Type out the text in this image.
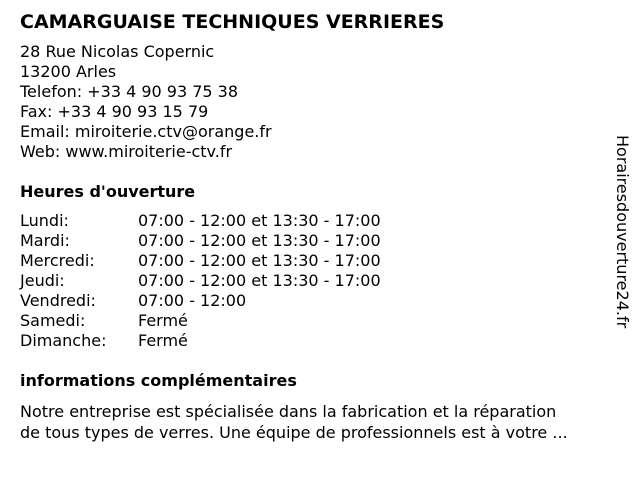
CAMARGUAISE TECHNIQUES VERRIERES
28 Rue Nicolas Copernic
13200 Arles
Telefon: +33 4 90 93 75 38
Fax: +33 4 90 93 15 79
Email: miroiterie.ctv@orange.fr
Web: www.miroiterie-ctv.fr
Heures d'ouverture
Lundi:	07:00 - 12:00 et 13:30 - 17:00
Mardi:	07:00 - 12:00 et 13:30 - 17:00
Mercredi:	07:00 - 12:00 et 13:30 - 17:00
Jeudi:	07:00 - 12:00 et 13:30 - 17:00
Vendredi:	07:00 - 12:00
Samedi:	Fermé
Dimanche:	Fermé
informations complémentaires
Notre entreprise est spécialisée dans la fabrication et la réparation
de tous types de verres. Une équipe de professionnels est à votre ...
Horairesdouverture24.fr
